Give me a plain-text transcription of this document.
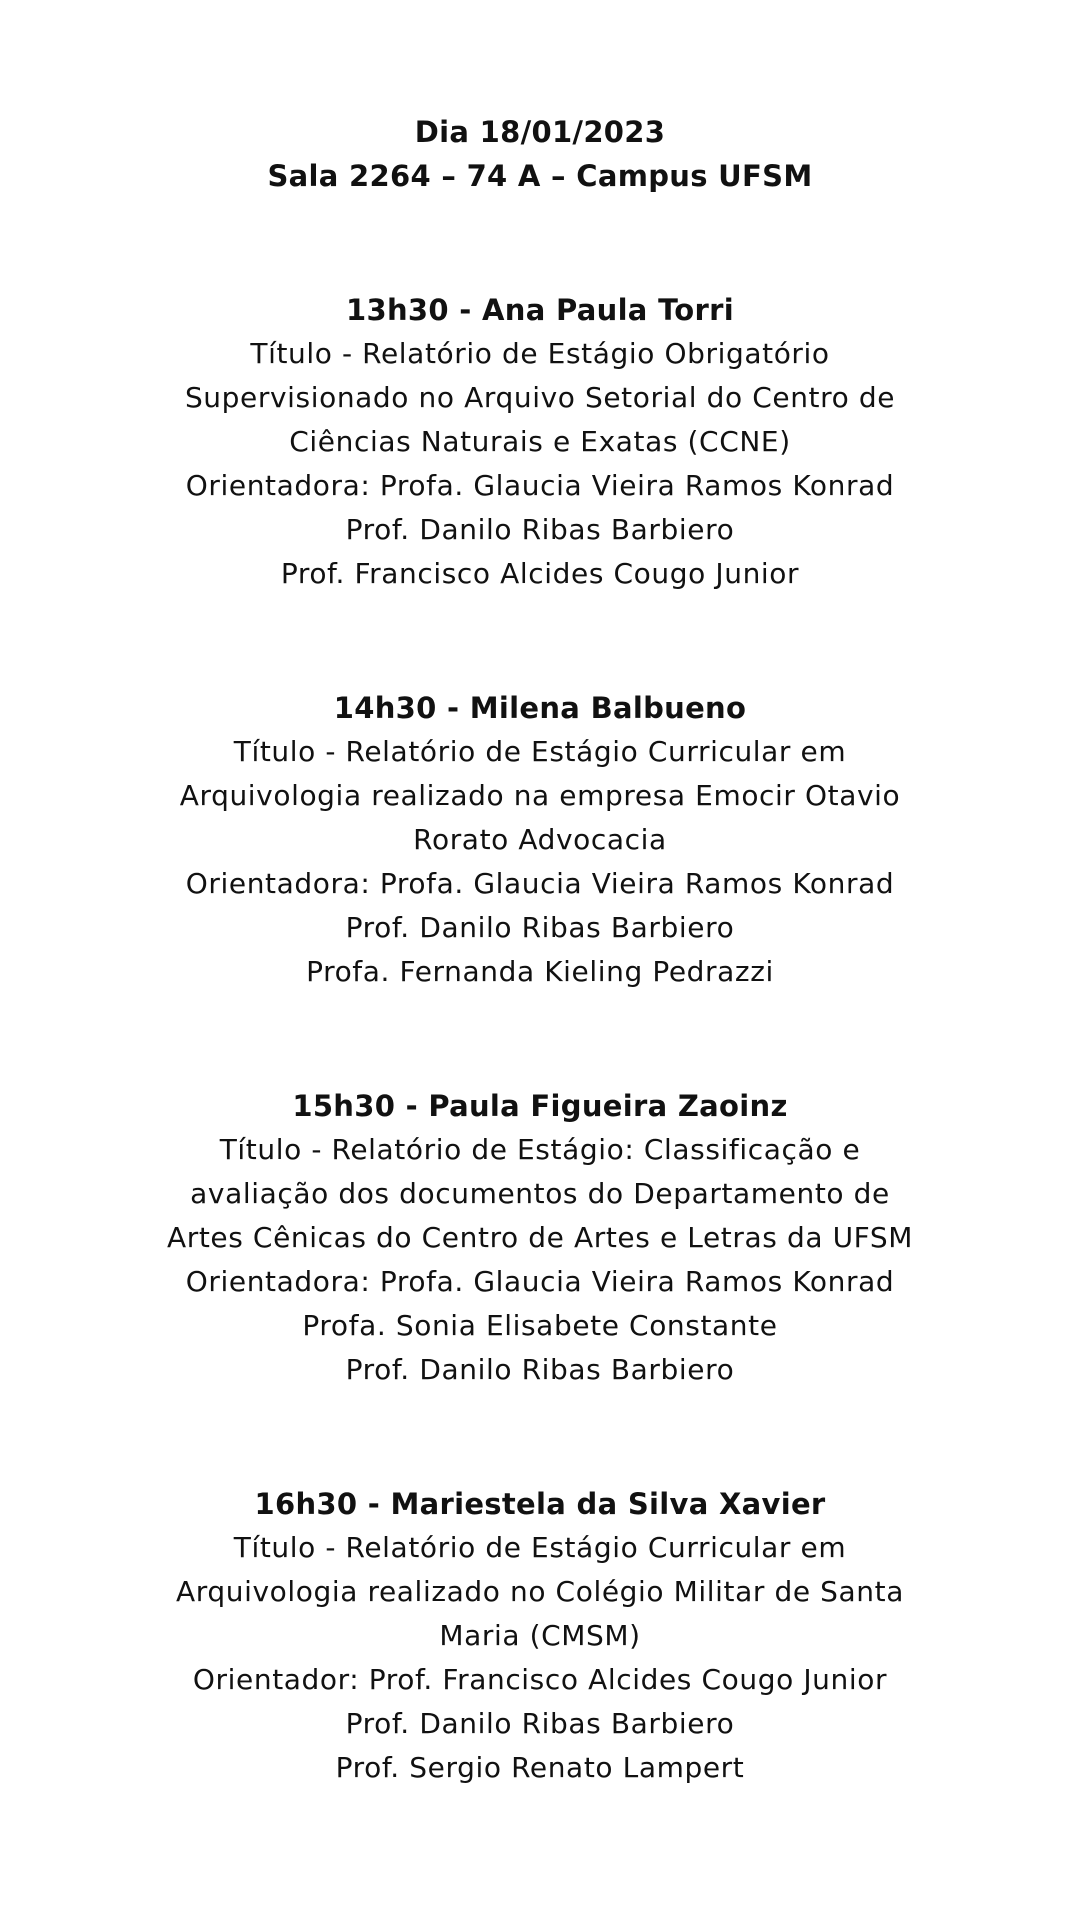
Dia 18/01/2023
Sala 2264 – 74 A – Campus UFSM
13h30 - Ana Paula Torri
Título - Relatório de Estágio Obrigatório
Supervisionado no Arquivo Setorial do Centro de
Ciências Naturais e Exatas (CCNE)
Orientadora: Profa. Glaucia Vieira Ramos Konrad
Prof. Danilo Ribas Barbiero
Prof. Francisco Alcides Cougo Junior
14h30 - Milena Balbueno
Título - Relatório de Estágio Curricular em
Arquivologia realizado na empresa Emocir Otavio
Rorato Advocacia
Orientadora: Profa. Glaucia Vieira Ramos Konrad
Prof. Danilo Ribas Barbiero
Profa. Fernanda Kieling Pedrazzi
15h30 - Paula Figueira Zaoinz
Título - Relatório de Estágio: Classificação e
avaliação dos documentos do Departamento de
Artes Cênicas do Centro de Artes e Letras da UFSM
Orientadora: Profa. Glaucia Vieira Ramos Konrad
Profa. Sonia Elisabete Constante
Prof. Danilo Ribas Barbiero
16h30 - Mariestela da Silva Xavier
Título - Relatório de Estágio Curricular em
Arquivologia realizado no Colégio Militar de Santa
Maria (CMSM)
Orientador: Prof. Francisco Alcides Cougo Junior
Prof. Danilo Ribas Barbiero
Prof. Sergio Renato Lampert
